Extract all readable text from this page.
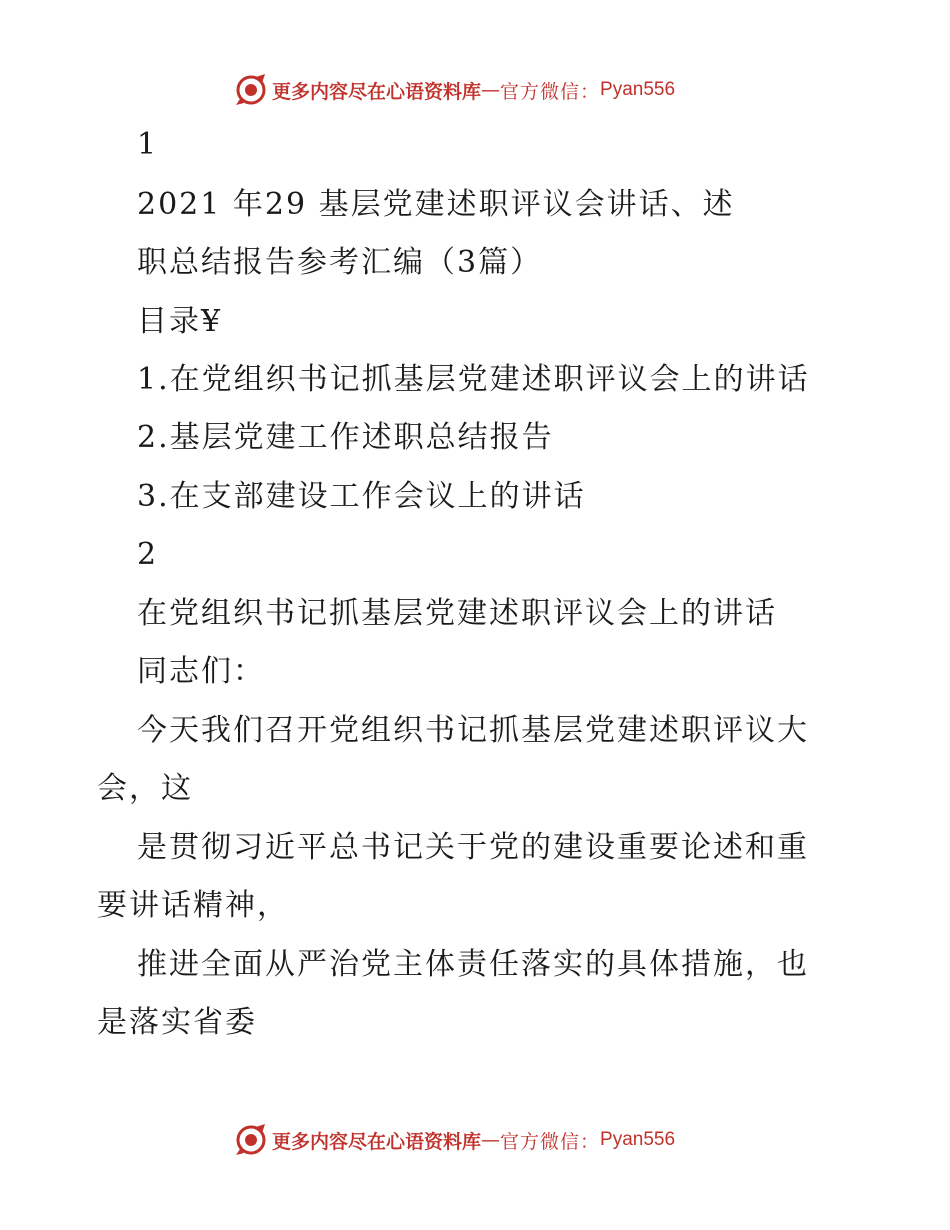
更多内容尽在心语资料库 — 官方微信： Pyan556
1
2021 年29 基层党建述职评议会讲话、述
职总结报告参考汇编（3篇）
目录¥
1.在党组织书记抓基层党建述职评议会上的讲话
2.基层党建工作述职总结报告
3.在支部建设工作会议上的讲话
2
在党组织书记抓基层党建述职评议会上的讲话
同志们：
今天我们召开党组织书记抓基层党建述职评议大
会，这
是贯彻习近平总书记关于党的建设重要论述和重
要讲话精神，
推进全面从严治党主体责任落实的具体措施，也
是落实省委
更多内容尽在心语资料库 — 官方微信： Pyan556
